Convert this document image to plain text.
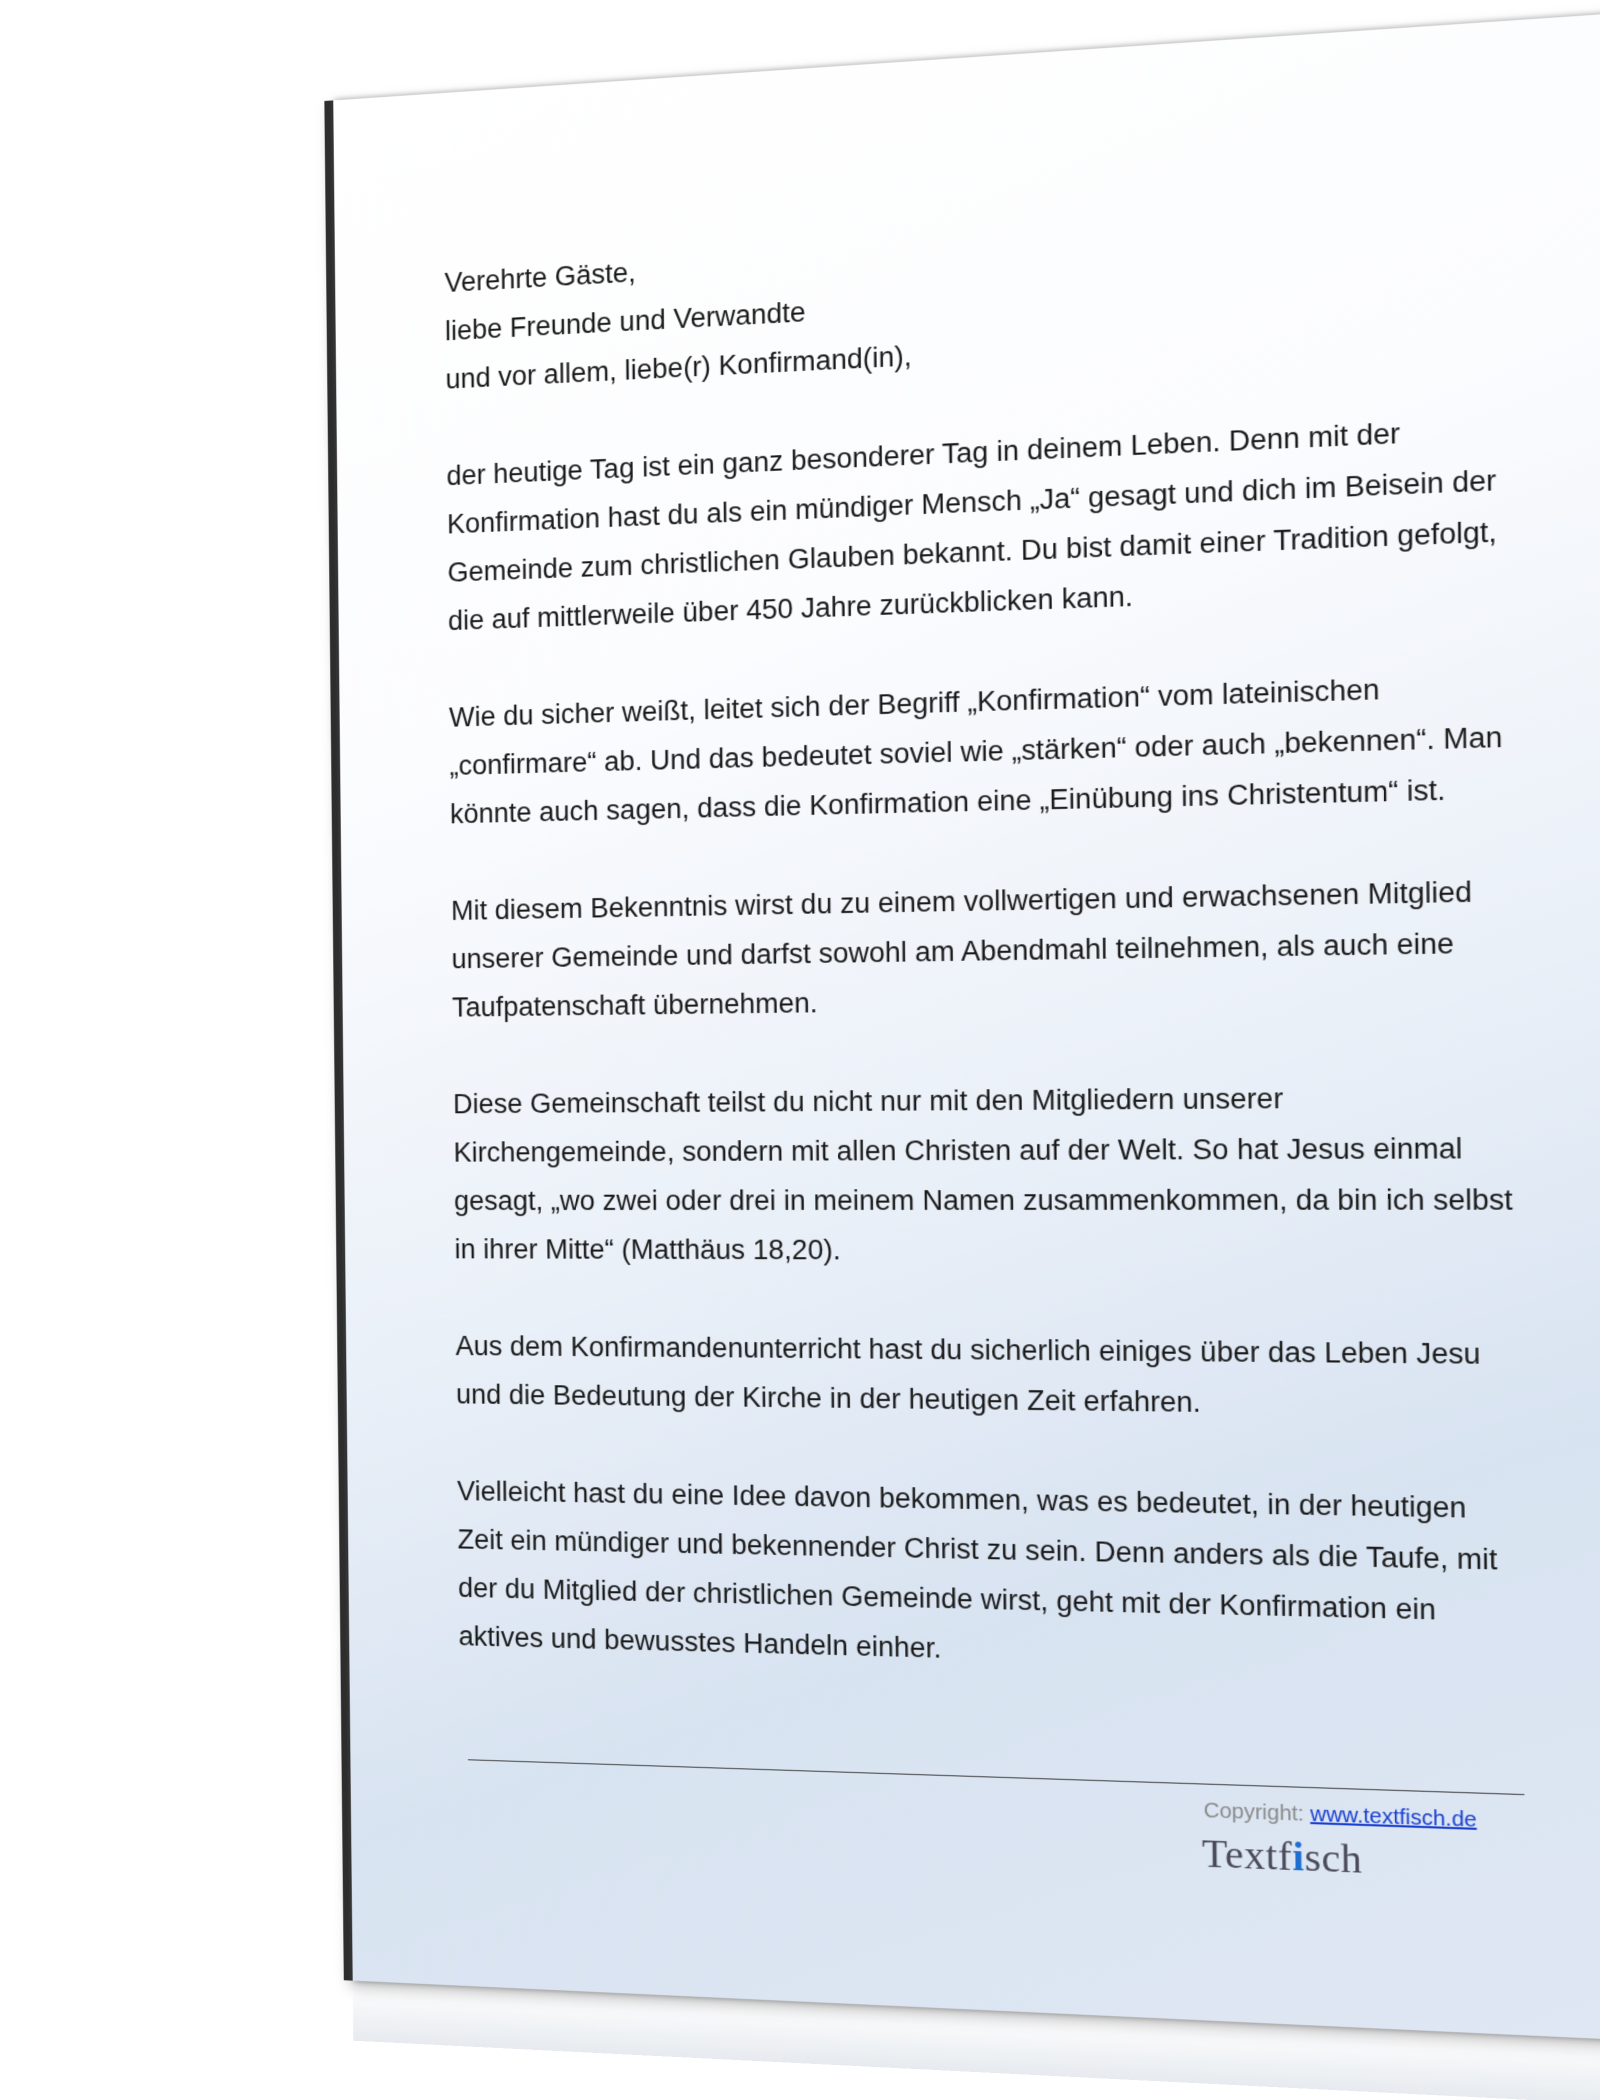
Verehrte Gäste,

liebe Freunde und Verwandte

und vor allem, liebe(r) Konfirmand(in),

der heutige Tag ist ein ganz besonderer Tag in deinem Leben. Denn mit der Konfirmation hast du als ein mündiger Mensch „Ja“ gesagt und dich im Beisein der Gemeinde zum christlichen Glauben bekannt. Du bist damit einer Tradition gefolgt, die auf mittlerweile über 450 Jahre zurückblicken kann.

Wie du sicher weißt, leitet sich der Begriff „Konfirmation“ vom lateinischen „confirmare“ ab. Und das bedeutet soviel wie „stärken“ oder auch „bekennen“. Man könnte auch sagen, dass die Konfirmation eine „Einübung ins Christentum“ ist.

Mit diesem Bekenntnis wirst du zu einem vollwertigen und erwachsenen Mitglied unserer Gemeinde und darfst sowohl am Abendmahl teilnehmen, als auch eine Taufpatenschaft übernehmen.

Diese Gemeinschaft teilst du nicht nur mit den Mitgliedern unserer Kirchengemeinde, sondern mit allen Christen auf der Welt. So hat Jesus einmal gesagt, „wo zwei oder drei in meinem Namen zusammenkommen, da bin ich selbst in ihrer Mitte“ (Matthäus 18,20).

Aus dem Konfirmandenunterricht hast du sicherlich einiges über das Leben Jesu und die Bedeutung der Kirche in der heutigen Zeit erfahren.

Vielleicht hast du eine Idee davon bekommen, was es bedeutet, in der heutigen Zeit ein mündiger und bekennender Christ zu sein. Denn anders als die Taufe, mit der du Mitglied der christlichen Gemeinde wirst, geht mit der Konfirmation ein aktives und bewusstes Handeln einher.

Copyright: www.textfisch.de
Textfisch
